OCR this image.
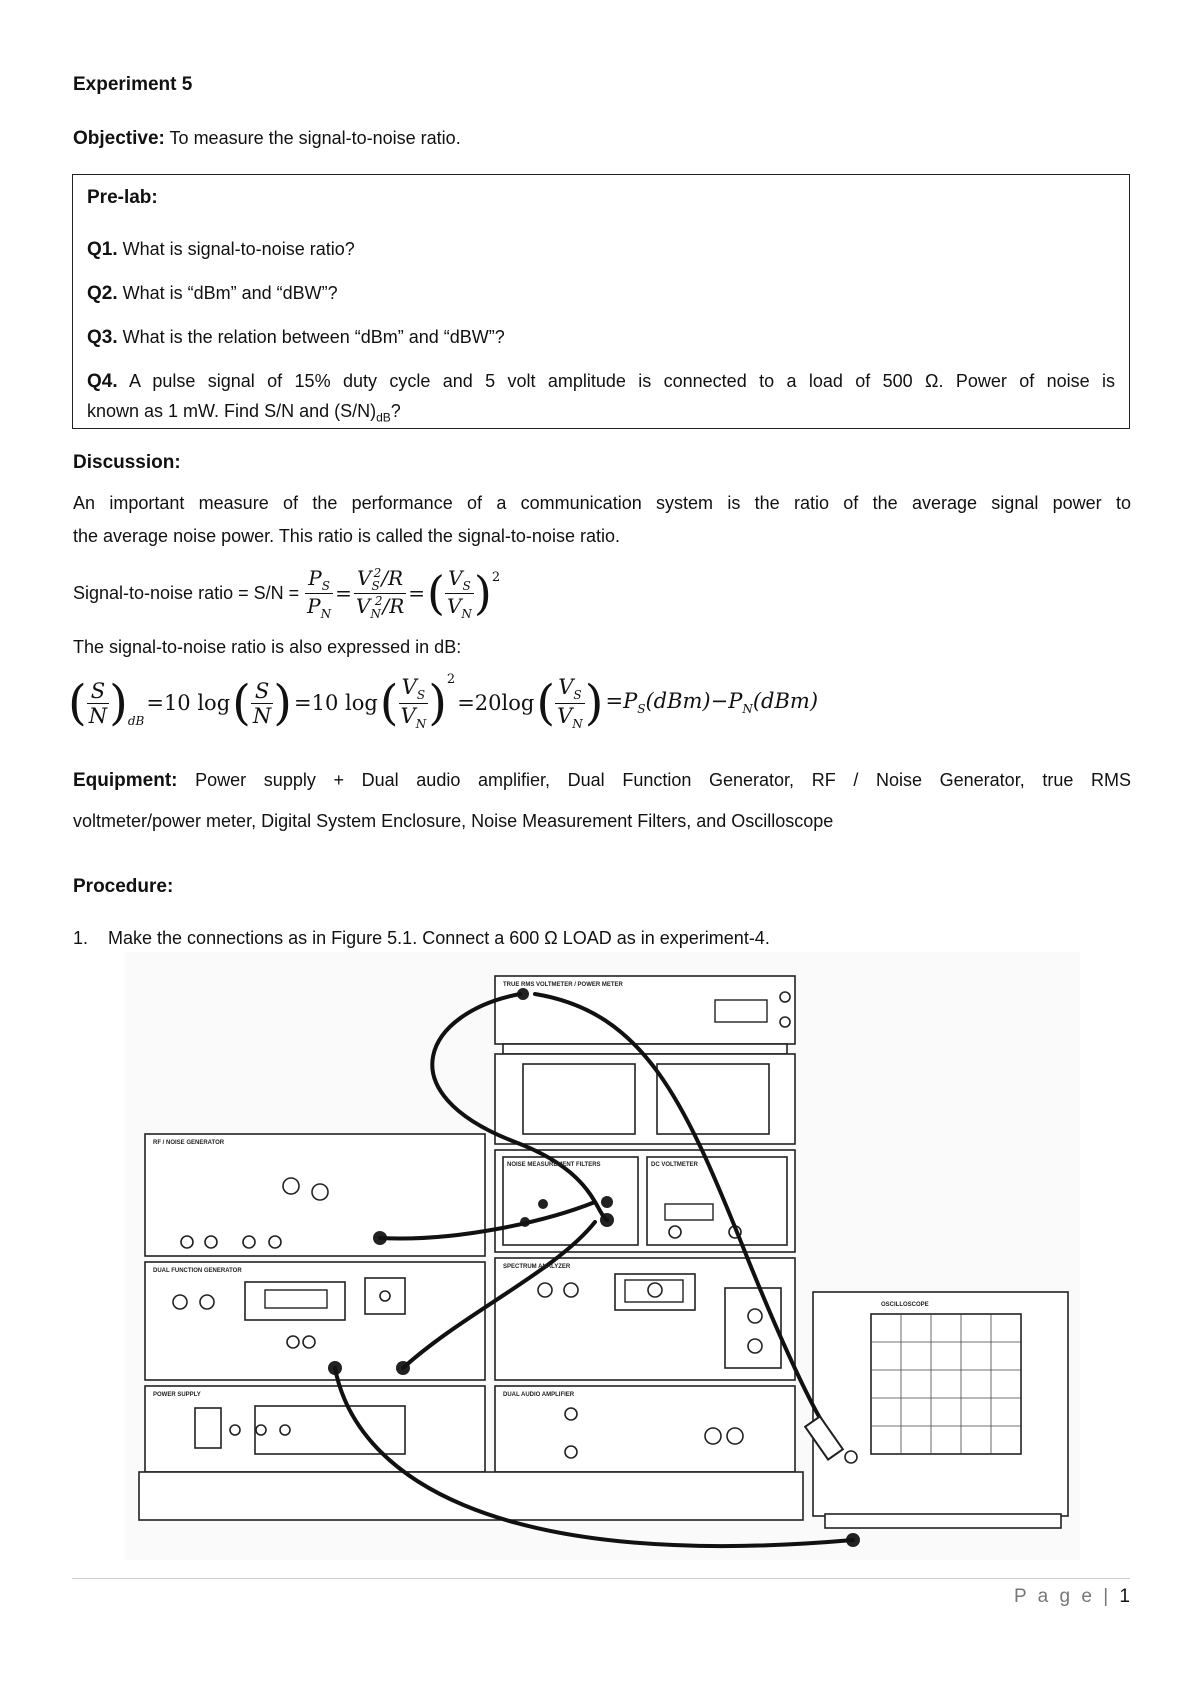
Experiment 5
Objective: To measure the signal-to-noise ratio.
Pre-lab:
Q1. What is signal-to-noise ratio?
Q2. What is “dBm” and “dBW”?
Q3. What is the relation between “dBm” and “dBW”?
Q4. A pulse signal of 15% duty cycle and 5 volt amplitude is connected to a load of 500 Ω. Power of noise is
known as 1 mW. Find S/N and $(S/N)_{dB}$?
Discussion:
An important measure of the performance of a communication system is the ratio of the average signal power to
the average noise power. This ratio is called the signal-to-noise ratio.
Signal-to-noise ratio = $S/N = \frac{P_S}{P_N} = \frac{V_S^2/R}{V_N^2/R}$ = ( $\frac{V_S}{V_N} )^2$
The signal-to-noise ratio is also expressed in dB:
( $\frac{S}{N} )_{dB}$
=10 log ( $\frac{S}{N}$ ) =10 log ( $\frac{V_S}{V_N} )^2$
=20log ( $\frac{V_S}{V_N}$ ) $=P_S(dBm)-P_N(dBm)$
Equipment: Power supply + Dual audio amplifier, Dual Function Generator, RF / Noise Generator, true RMS
voltmeter/power meter, Digital System Enclosure, Noise Measurement Filters, and Oscilloscope
Procedure:
1. Make the connections as in Figure 5.1. Connect a 600 Ω LOAD as in experiment-4.
TRUE RMS VOLTMETER / POWER METER
RF / NOISE GENERATOR
DUAL FUNCTION GENERATOR
SPECTRUM ANALYZER
POWER SUPPLY	DUAL AUDIO AMPLIFIER
OSCILLOSCOPE
NOISE MEASUREMENT FILTERS	DC VOLTMETER
P a g e | 1
